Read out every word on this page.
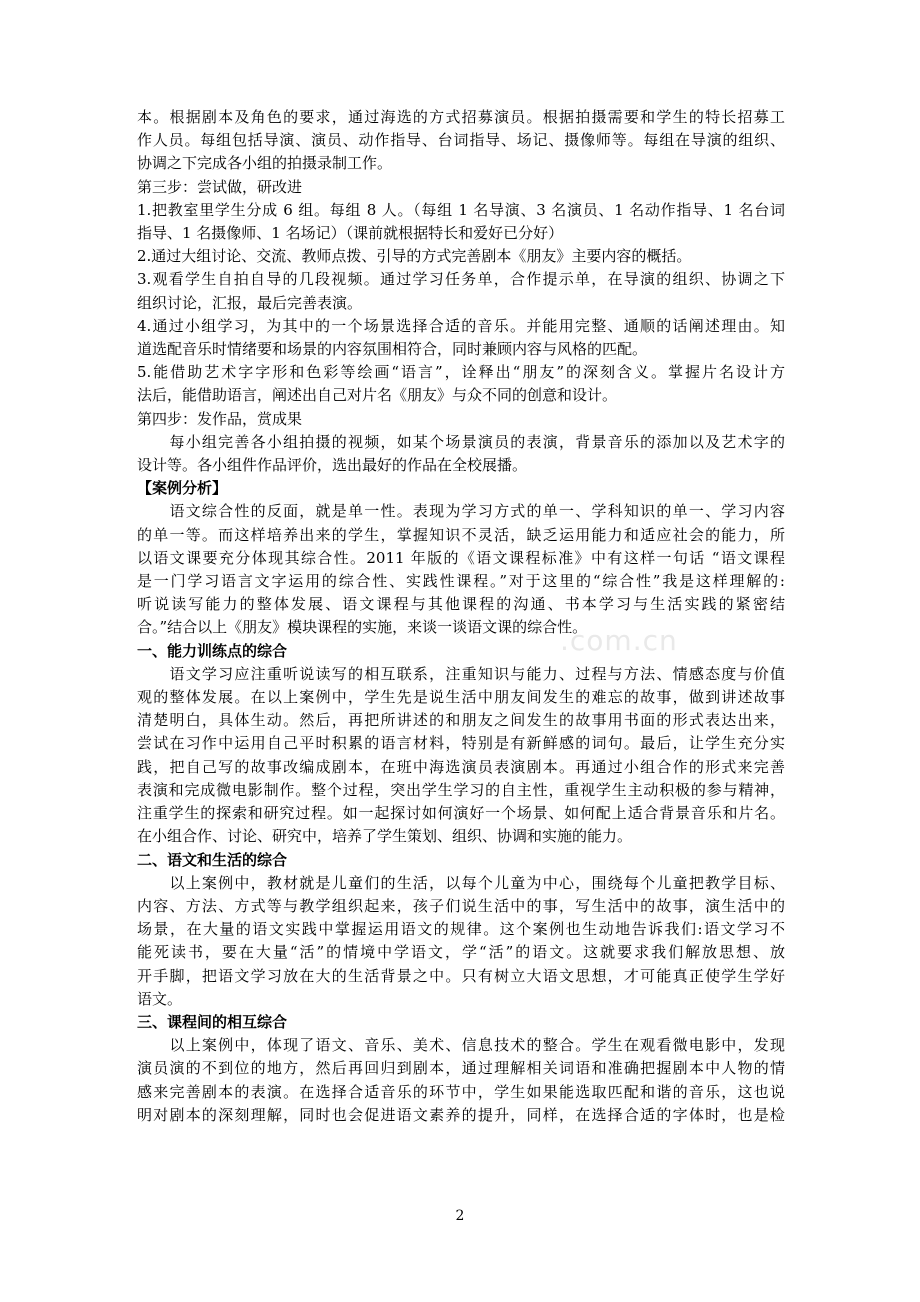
.com.cn
本。根据剧本及角色的要求，通过海选的方式招募演员。根据拍摄需要和学生的特长招募工
作人员。每组包括导演、演员、动作指导、台词指导、场记、摄像师等。每组在导演的组织、
协调之下完成各小组的拍摄录制工作。
第三步：尝试做，研改进
1.把教室里学生分成 6 组。每组 8 人。（每组 1 名导演、3 名演员、1 名动作指导、1 名台词
指导、1 名摄像师、1 名场记）（课前就根据特长和爱好已分好）
2.通过大组讨论、交流、教师点拨、引导的方式完善剧本《朋友》主要内容的概括。
3.观看学生自拍自导的几段视频。通过学习任务单，合作提示单，在导演的组织、协调之下
组织讨论，汇报，最后完善表演。
4.通过小组学习，为其中的一个场景选择合适的音乐。并能用完整、通顺的话阐述理由。知
道选配音乐时情绪要和场景的内容氛围相符合，同时兼顾内容与风格的匹配。
5.能借助艺术字字形和色彩等绘画“语言”，诠释出“朋友”的深刻含义。掌握片名设计方
法后，能借助语言，阐述出自己对片名《朋友》与众不同的创意和设计。
第四步：发作品，赏成果
　　每小组完善各小组拍摄的视频，如某个场景演员的表演，背景音乐的添加以及艺术字的
设计等。各小组件作品评价，选出最好的作品在全校展播。
【案例分析】
　　语文综合性的反面，就是单一性。表现为学习方式的单一、学科知识的单一、学习内容
的单一等。而这样培养出来的学生，掌握知识不灵活，缺乏运用能力和适应社会的能力，所
以语文课要充分体现其综合性。2011 年版的《语文课程标准》中有这样一句话 “语文课程
是一门学习语言文字运用的综合性、实践性课程。”对于这里的“综合性”我是这样理解的:
听说读写能力的整体发展、语文课程与其他课程的沟通、书本学习与生活实践的紧密结
合。”结合以上《朋友》模块课程的实施，来谈一谈语文课的综合性。
一、能力训练点的综合
　　语文学习应注重听说读写的相互联系，注重知识与能力、过程与方法、情感态度与价值
观的整体发展。在以上案例中，学生先是说生活中朋友间发生的难忘的故事，做到讲述故事
清楚明白，具体生动。然后，再把所讲述的和朋友之间发生的故事用书面的形式表达出来，
尝试在习作中运用自己平时积累的语言材料，特别是有新鲜感的词句。最后，让学生充分实
践，把自己写的故事改编成剧本，在班中海选演员表演剧本。再通过小组合作的形式来完善
表演和完成微电影制作。整个过程，突出学生学习的自主性，重视学生主动积极的参与精神，
注重学生的探索和研究过程。如一起探讨如何演好一个场景、如何配上适合背景音乐和片名。
在小组合作、讨论、研究中，培养了学生策划、组织、协调和实施的能力。
二、语文和生活的综合
　　以上案例中，教材就是儿童们的生活，以每个儿童为中心，围绕每个儿童把教学目标、
内容、方法、方式等与教学组织起来，孩子们说生活中的事，写生活中的故事，演生活中的
场景，在大量的语文实践中掌握运用语文的规律。这个案例也生动地告诉我们:语文学习不
能死读书，要在大量“活”的情境中学语文，学“活”的语文。这就要求我们解放思想、放
开手脚，把语文学习放在大的生活背景之中。只有树立大语文思想，才可能真正使学生学好
语文。
三、课程间的相互综合
　　以上案例中，体现了语文、音乐、美术、信息技术的整合。学生在观看微电影中，发现
演员演的不到位的地方，然后再回归到剧本，通过理解相关词语和准确把握剧本中人物的情
感来完善剧本的表演。在选择合适音乐的环节中，学生如果能选取匹配和谐的音乐，这也说
明对剧本的深刻理解，同时也会促进语文素养的提升，同样，在选择合适的字体时，也是检
2
